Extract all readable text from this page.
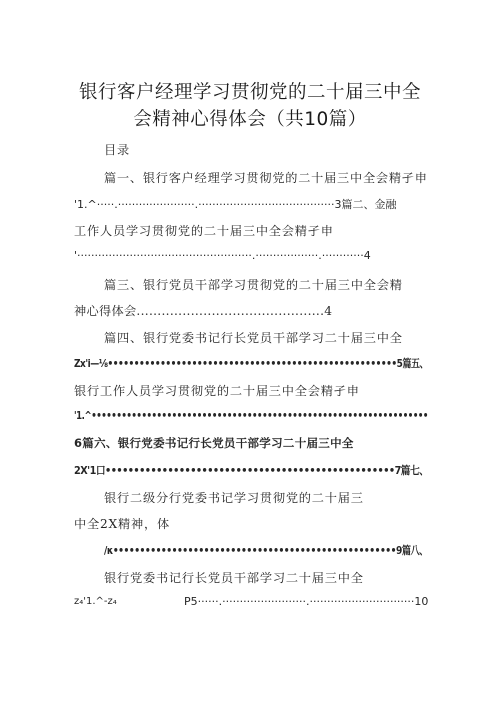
银行客户经理学习贯彻党的二十届三中全
会精神心得体会（共10篇）
目录
篇一、银行客户经理学习贯彻党的二十届三中全会精孑申
'1.^·····.······················.·······································3篇二、金融
工作人员学习贯彻党的二十届三中全会精孑申
'··················································.··················.············4
篇三、银行党员干部学习贯彻党的二十届三中全会精
神心得体会.............................................4
篇四、银行党委书记行长党员干部学习二十届三中全
Zx'i—⅛•••••••••••••••••••••••••••••••••••••••••••••••••••••••5篇五、
银行工作人员学习贯彻党的二十届三中全会精孑申
'1.^•••••••••••••••••••••••••••••••••••••••••••••••••••••••••••••••••••
6篇六、银行党委书记行长党员干部学习二十届三中全
2X'1口•••••••••••••••••••••••••••••••••••••••••••••••••••7篇七、
银行二级分行党委书记学习贯彻党的二十届三
中全2X精神，体
/κ•••••••••••••••••••••••••••••••••••••••••••••••••••••9篇八、
银行党委书记行长党员干部学习二十届三中全
z₄'1.^-z₄	P5······.························.······························10
